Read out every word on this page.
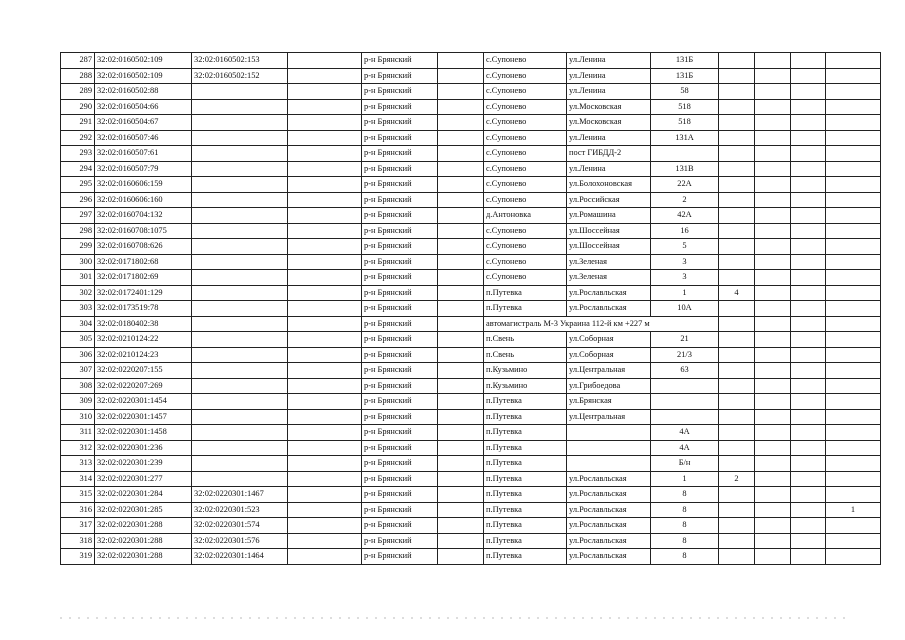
287	32:02:0160502:109	32:02:0160502:153		р-н Брянский		с.Супонево	ул.Ленина	131Б				
288	32:02:0160502:109	32:02:0160502:152		р-н Брянский		с.Супонево	ул.Ленина	131Б				
289	32:02:0160502:88			р-н Брянский		с.Супонево	ул.Ленина	58				
290	32:02:0160504:66			р-н Брянский		с.Супонево	ул.Московская	518				
291	32:02:0160504:67			р-н Брянский		с.Супонево	ул.Московская	518				
292	32:02:0160507:46			р-н Брянский		с.Супонево	ул.Ленина	131А				
293	32:02:0160507:61			р-н Брянский		с.Супонево	пост ГИБДД-2					
294	32:02:0160507:79			р-н Брянский		с.Супонево	ул.Ленина	131В				
295	32:02:0160606:159			р-н Брянский		с.Супонево	ул.Болохоновская	22А				
296	32:02:0160606:160			р-н Брянский		с.Супонево	ул.Российская	2				
297	32:02:0160704:132			р-н Брянский		д.Антоновка	ул.Ромашина	42А				
298	32:02:0160708:1075			р-н Брянский		с.Супонево	ул.Шоссейная	16				
299	32:02:0160708:626			р-н Брянский		с.Супонево	ул.Шоссейная	5				
300	32:02:0171802:68			р-н Брянский		с.Супонево	ул.Зеленая	3				
301	32:02:0171802:69			р-н Брянский		с.Супонево	ул.Зеленая	3				
302	32:02:0172401:129			р-н Брянский		п.Путевка	ул.Рославльская	1	4			
303	32:02:0173519:78			р-н Брянский		п.Путевка	ул.Рославльская	10А				
304	32:02:0180402:38			р-н Брянский		автомагистраль М-3 Украина 112-й км +227 м						
305	32:02:0210124:22			р-н Брянский		п.Свень	ул.Соборная	21				
306	32:02:0210124:23			р-н Брянский		п.Свень	ул.Соборная	21/3				
307	32:02:0220207:155			р-н Брянский		п.Кузьмино	ул.Центральная	63				
308	32:02:0220207:269			р-н Брянский		п.Кузьмино	ул.Грибоедова					
309	32:02:0220301:1454			р-н Брянский		п.Путевка	ул.Брянская					
310	32:02:0220301:1457			р-н Брянский		п.Путевка	ул.Центральная					
311	32:02:0220301:1458			р-н Брянский		п.Путевка		4А				
312	32:02:0220301:236			р-н Брянский		п.Путевка		4А				
313	32:02:0220301:239			р-н Брянский		п.Путевка		Б/н				
314	32:02:0220301:277			р-н Брянский		п.Путевка	ул.Рославльская	1	2			
315	32:02:0220301:284	32:02:0220301:1467		р-н Брянский		п.Путевка	ул.Рославльская	8				
316	32:02:0220301:285	32:02:0220301:523		р-н Брянский		п.Путевка	ул.Рославльская	8				1
317	32:02:0220301:288	32:02:0220301:574		р-н Брянский		п.Путевка	ул.Рославльская	8				
318	32:02:0220301:288	32:02:0220301:576		р-н Брянский		п.Путевка	ул.Рославльская	8				
319	32:02:0220301:288	32:02:0220301:1464		р-н Брянский		п.Путевка	ул.Рославльская	8				
